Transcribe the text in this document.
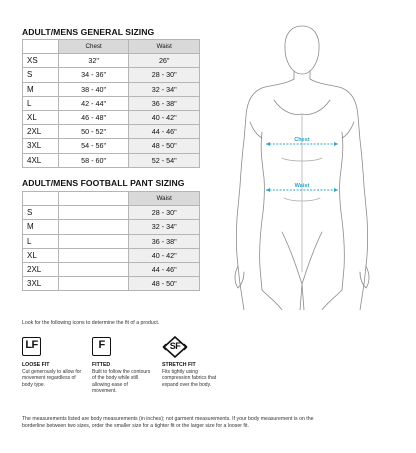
ADULT/MENS GENERAL SIZING
	Chest	Waist
XS	32"	26"
S	34 - 36"	28 - 30"
M	38 - 40"	32 - 34"
L	42 - 44"	36 - 38"
XL	46 - 48"	40 - 42"
2XL	50 - 52"	44 - 46"
3XL	54 - 56"	48 - 50"
4XL	58 - 60"	52 - 54"
ADULT/MENS FOOTBALL PANT SIZING
		Waist
S		28 - 30"
M		32 - 34"
L		36 - 38"
XL		40 - 42"
2XL		44 - 46"
3XL		48 - 50"
Chest
Waist
Look for the following icons to determine the fit of a product.
LF
LOOSE FIT
Cut generously to allow for movement regardless of body type.
F
FITTED
Built to follow the contours of the body while still allowing ease of movement.
SF
STRETCH FIT
Fits tightly using compression fabrics that expand over the body.
The measurements listed are body measurements (in inches); not garment measurements. If your body measurement is on the borderline between two sizes, order the smaller size for a tighter fit or the larger size for a looser fit.
